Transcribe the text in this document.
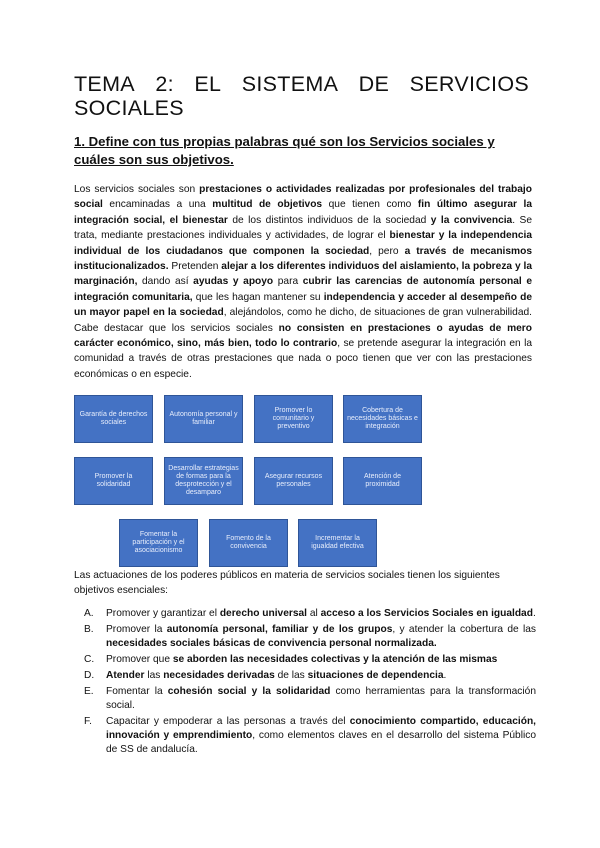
TEMA 2: EL SISTEMA DE SERVICIOS
SOCIALES
1. Define con tus propias palabras qué son los Servicios sociales y cuáles son sus objetivos.
Los servicios sociales son prestaciones o actividades realizadas por profesionales del trabajo social encaminadas a una multitud de objetivos que tienen como fin último asegurar la integración social, el bienestar de los distintos individuos de la sociedad y la convivencia. Se trata, mediante prestaciones individuales y actividades, de lograr el bienestar y la independencia individual de los ciudadanos que componen la sociedad, pero a través de mecanismos institucionalizados. Pretenden alejar a los diferentes individuos del aislamiento, la pobreza y la marginación, dando así ayudas y apoyo para cubrir las carencias de autonomía personal e integración comunitaria, que les hagan mantener su independencia y acceder al desempeño de un mayor papel en la sociedad, alejándolos, como he dicho, de situaciones de gran vulnerabilidad. Cabe destacar que los servicios sociales no consisten en prestaciones o ayudas de mero carácter económico, sino, más bien, todo lo contrario, se pretende asegurar la integración en la comunidad a través de otras prestaciones que nada o poco tienen que ver con las prestaciones económicas o en especie.
Garantía de derechos sociales
Autonomía personal y familiar
Promover lo comunitario y preventivo
Cobertura de necesidades básicas e integración
Promover la solidaridad
Desarrollar estrategias de formas para la desprotección y el desamparo
Asegurar recursos personales
Atención de proximidad
Fomentar la participación y el asociacionismo
Fomento de la convivencia
Incrementar la igualdad efectiva
Las actuaciones de los poderes públicos en materia de servicios sociales tienen los siguientes objetivos esenciales:
A. Promover y garantizar el derecho universal al acceso a los Servicios Sociales en igualdad.
B. Promover la autonomía personal, familiar y de los grupos, y atender la cobertura de las necesidades sociales básicas de convivencia personal normalizada.
C. Promover que se aborden las necesidades colectivas y la atención de las mismas
D. Atender las necesidades derivadas de las situaciones de dependencia.
E. Fomentar la cohesión social y la solidaridad como herramientas para la transformación social.
F. Capacitar y empoderar a las personas a través del conocimiento compartido, educación, innovación y emprendimiento, como elementos claves en el desarrollo del sistema Público de SS de andalucía.
